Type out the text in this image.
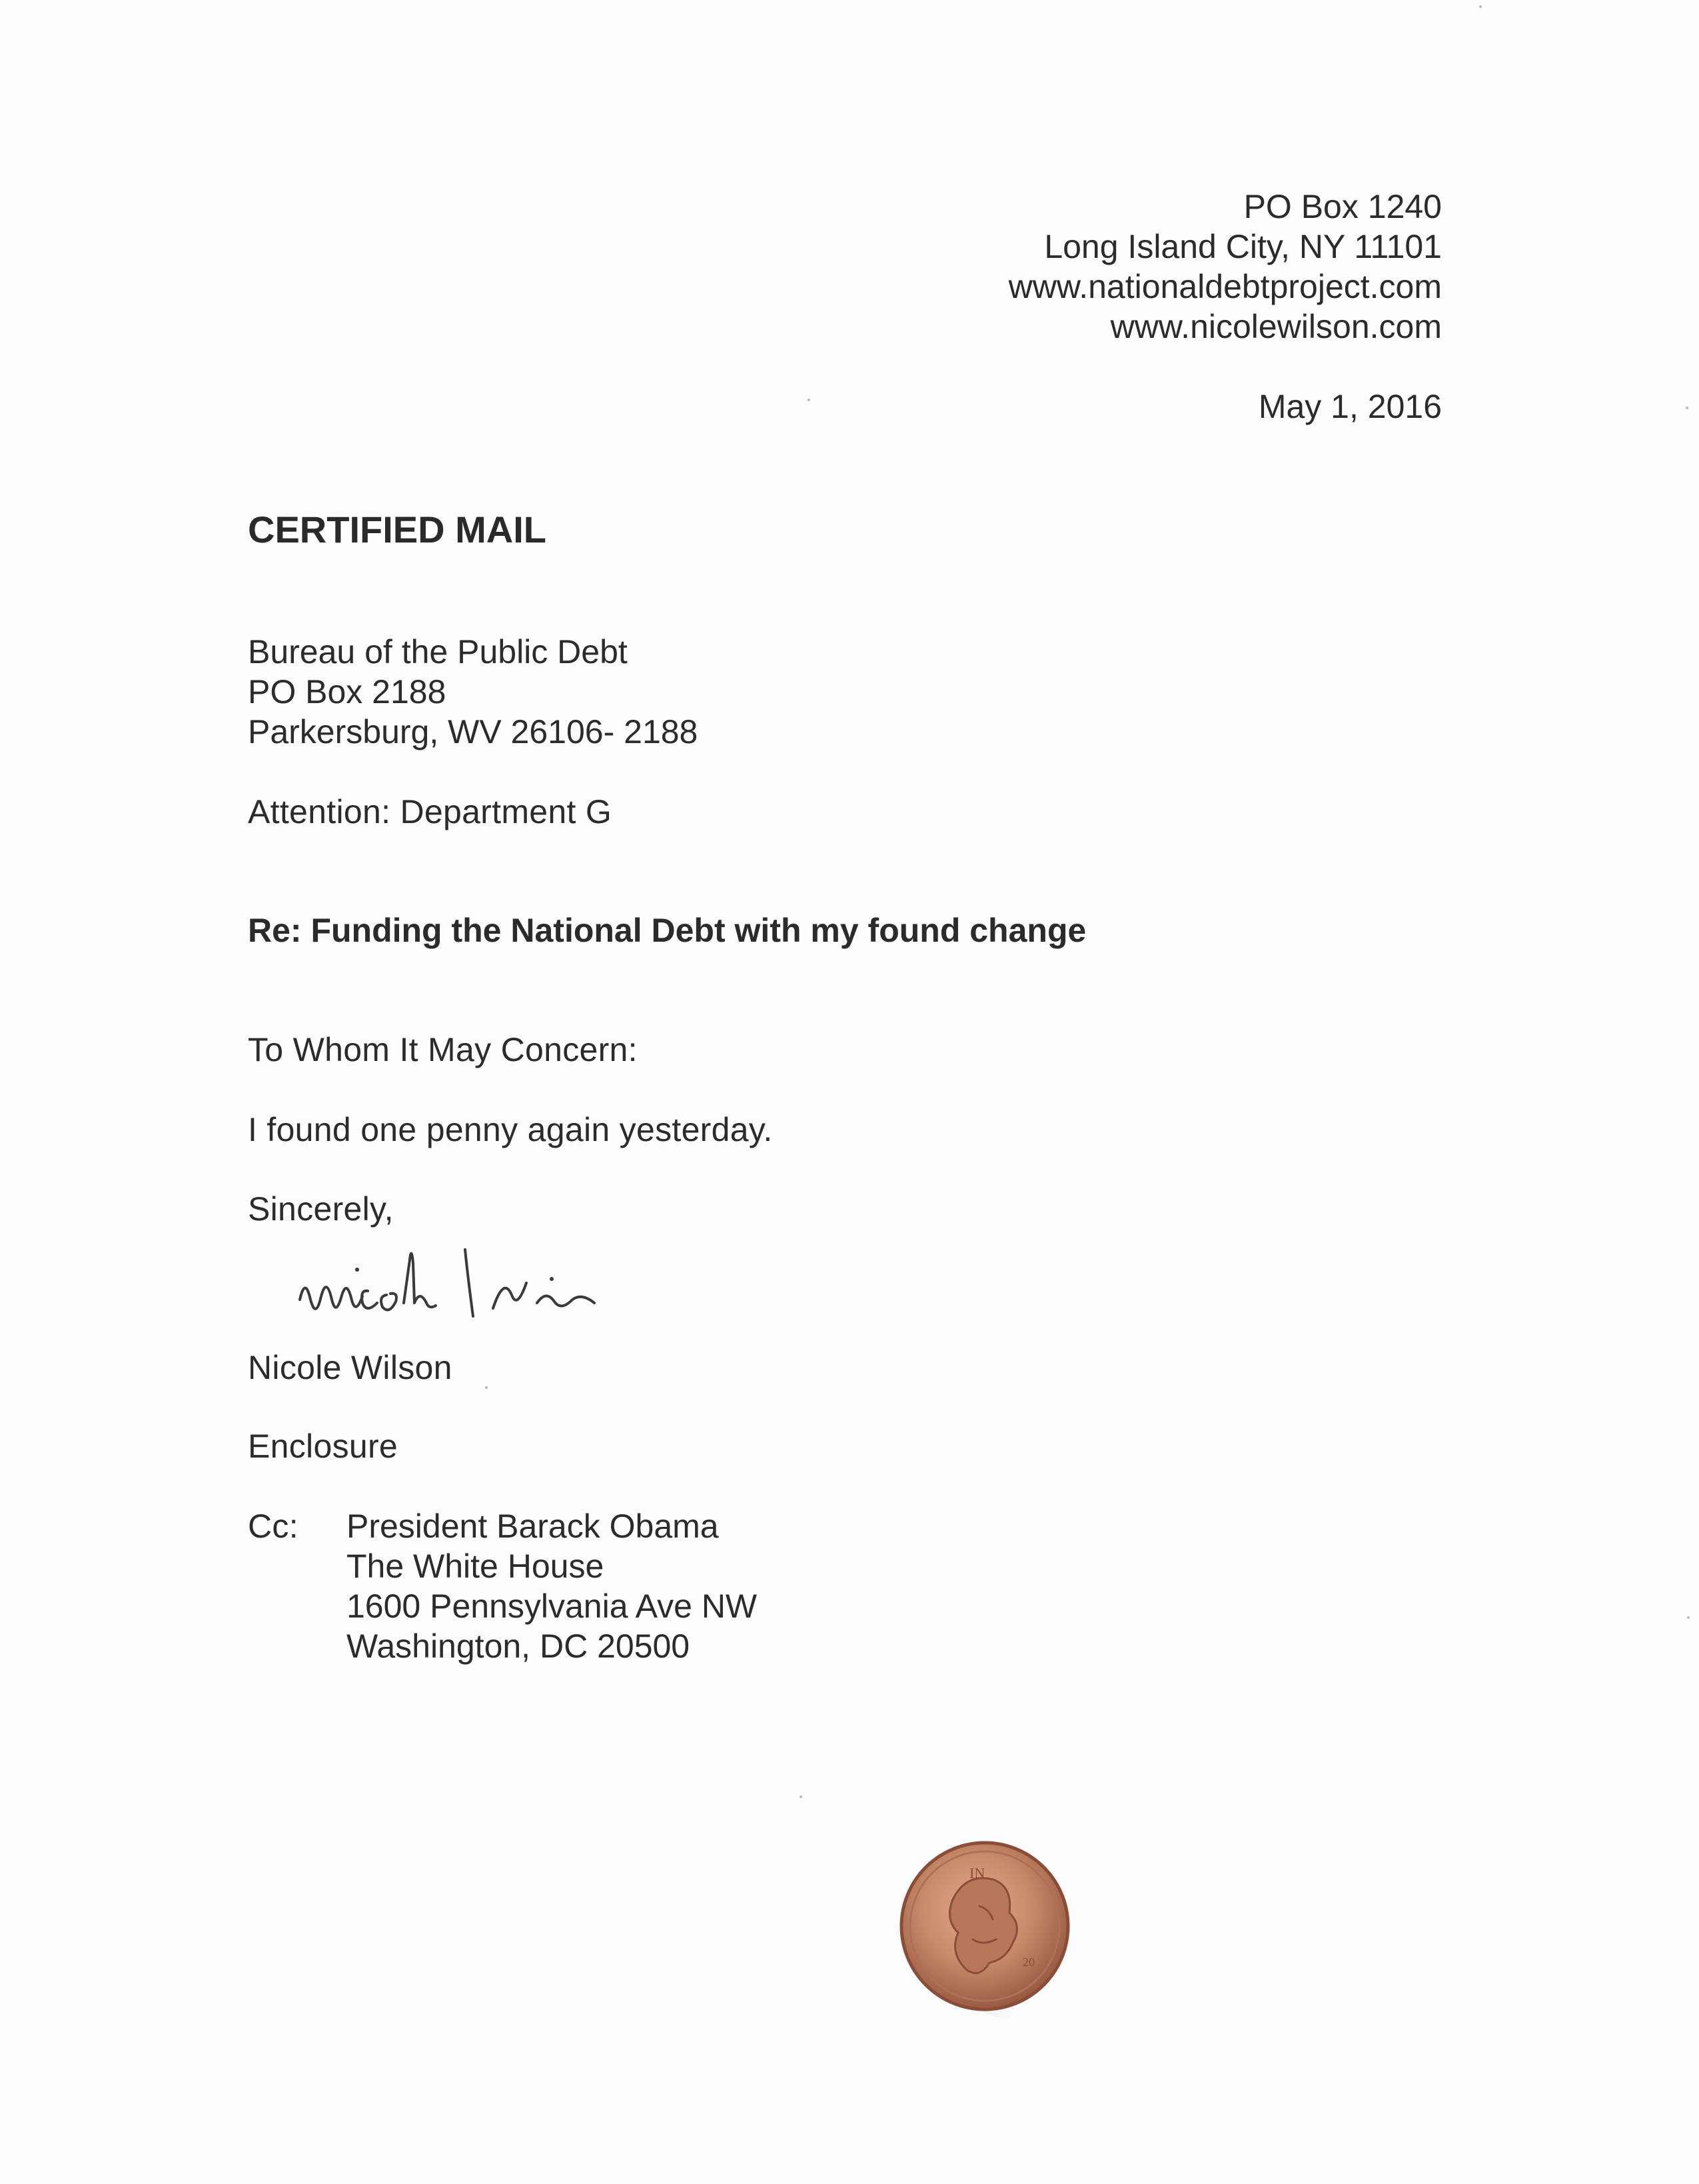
PO Box 1240
Long Island City, NY 11101
www.nationaldebtproject.com
www.nicolewilson.com
May 1, 2016
CERTIFIED MAIL
Bureau of the Public Debt
PO Box 2188
Parkersburg, WV 26106- 2188
Attention: Department G
Re: Funding the National Debt with my found change
To Whom It May Concern:
I found one penny again yesterday.
Sincerely,
Nicole Wilson
Enclosure
Cc: President Barack Obama
The White House
1600 Pennsylvania Ave NW
Washington, DC 20500
IN
20
